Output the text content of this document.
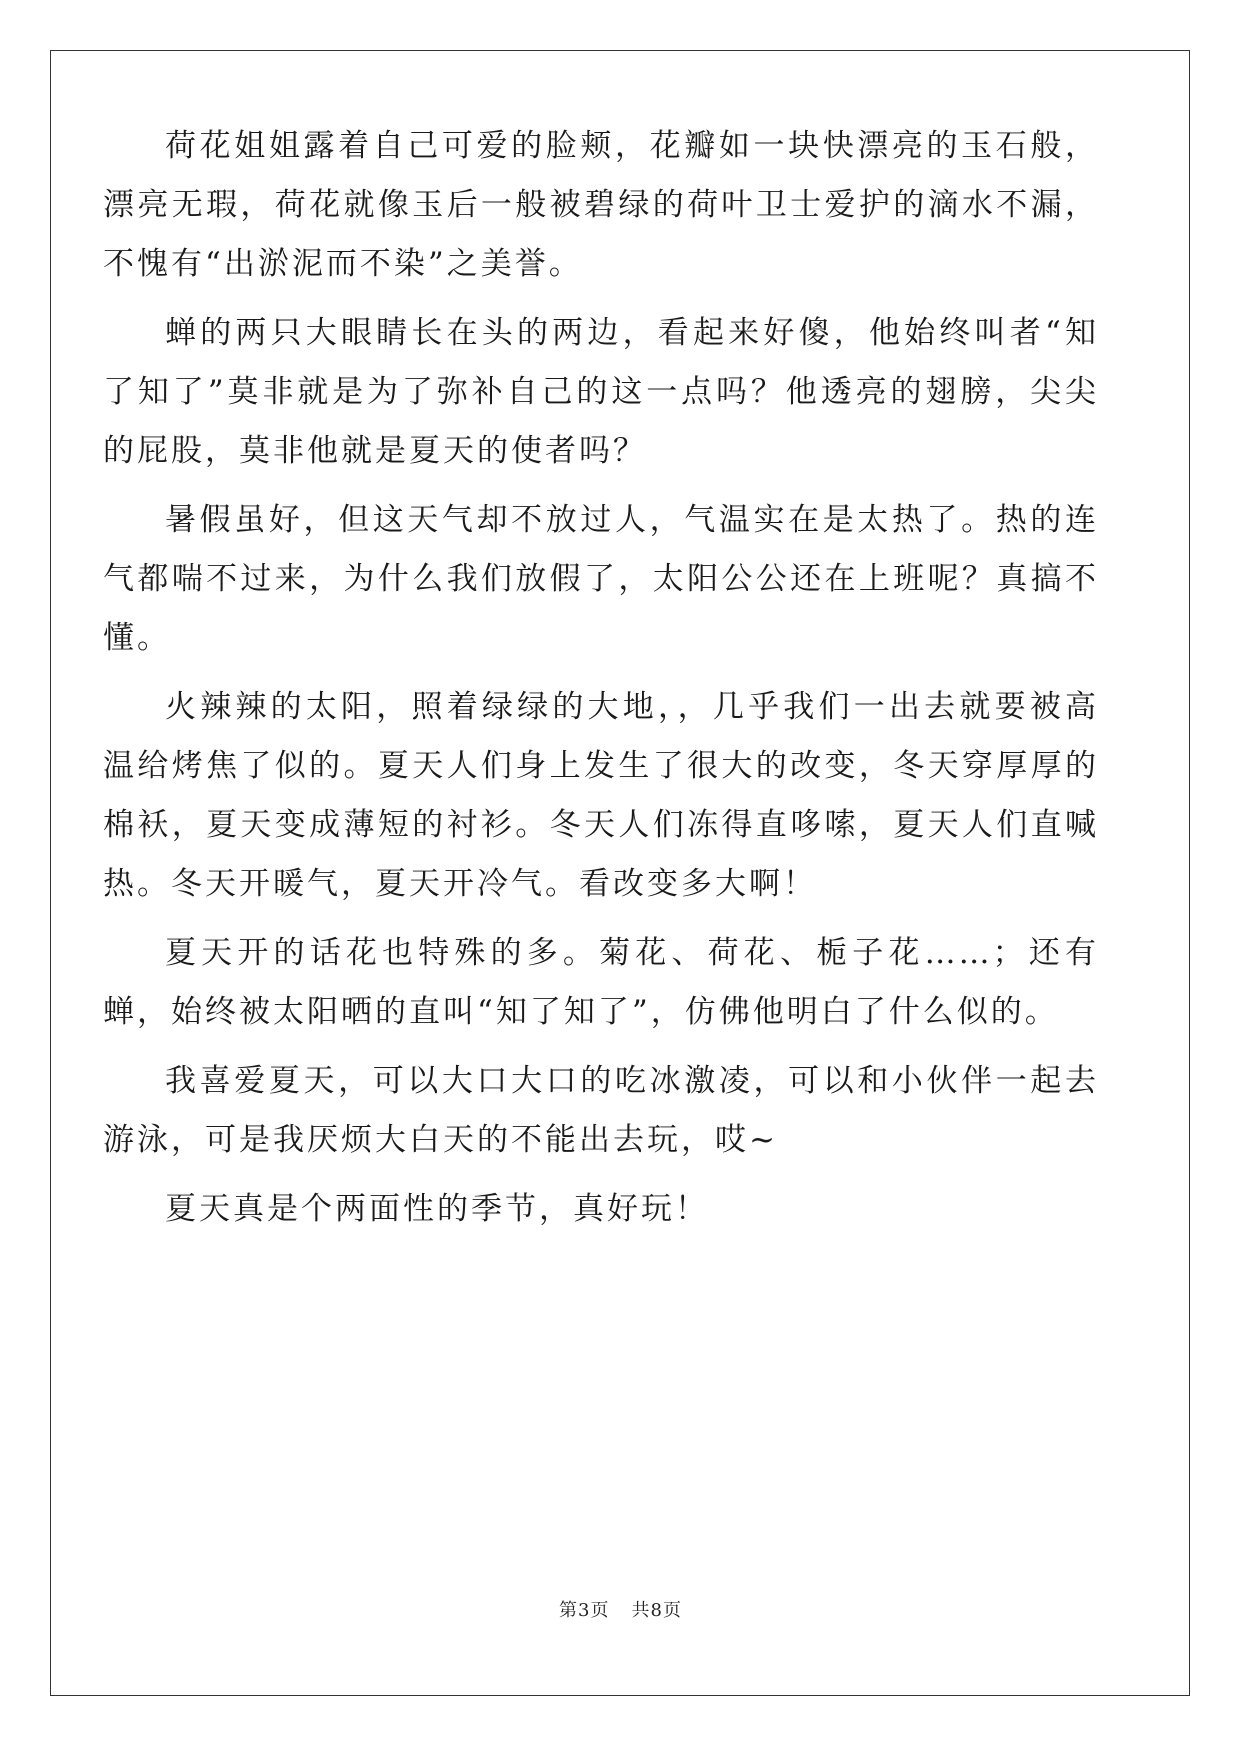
荷花姐姐露着自己可爱的脸颊，花瓣如一块快漂亮的玉石般，漂亮无瑕，荷花就像玉后一般被碧绿的荷叶卫士爱护的滴水不漏，不愧有“出淤泥而不染”之美誉。

蝉的两只大眼睛长在头的两边，看起来好傻，他始终叫者“知了知了”莫非就是为了弥补自己的这一点吗？他透亮的翅膀，尖尖的屁股，莫非他就是夏天的使者吗？

暑假虽好，但这天气却不放过人，气温实在是太热了。热的连气都喘不过来，为什么我们放假了，太阳公公还在上班呢？真搞不懂。

火辣辣的太阳，照着绿绿的大地，，几乎我们一出去就要被高温给烤焦了似的。夏天人们身上发生了很大的改变，冬天穿厚厚的棉袄，夏天变成薄短的衬衫。冬天人们冻得直哆嗦，夏天人们直喊热。冬天开暖气，夏天开冷气。看改变多大啊！

夏天开的话花也特殊的多。菊花、荷花、栀子花……；还有蝉，始终被太阳晒的直叫“知了知了”，仿佛他明白了什么似的。

我喜爱夏天，可以大口大口的吃冰激凌，可以和小伙伴一起去游泳，可是我厌烦大白天的不能出去玩，哎~

夏天真是个两面性的季节，真好玩！

第3页 共8页
